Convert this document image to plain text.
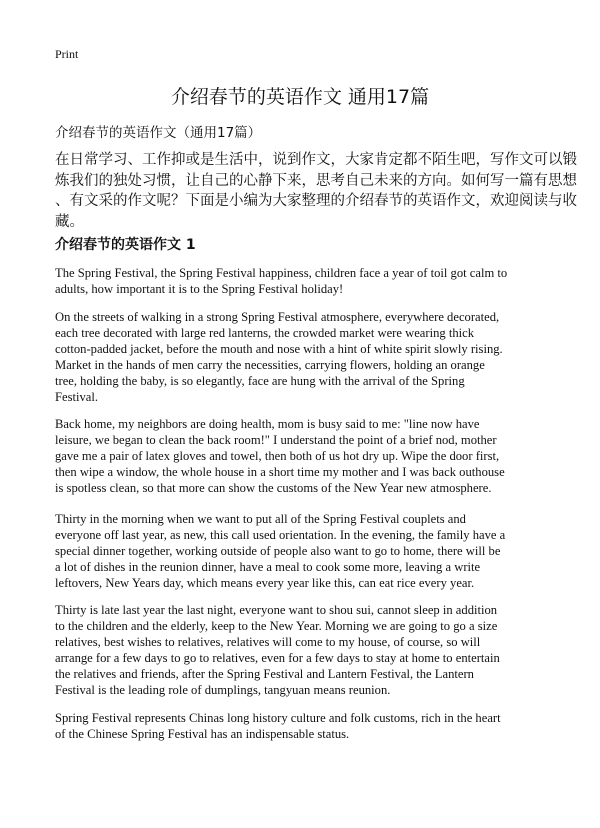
Print
介绍春节的英语作文 通用17篇
介绍春节的英语作文（通用17篇）
在日常学习、工作抑或是生活中，说到作文，大家肯定都不陌生吧，写作文可以锻
炼我们的独处习惯，让自己的心静下来，思考自己未来的方向。如何写一篇有思想
、有文采的作文呢？下面是小编为大家整理的介绍春节的英语作文，欢迎阅读与收
藏。
介绍春节的英语作文 1
The Spring Festival, the Spring Festival happiness, children face a year of toil got calm to
adults, how important it is to the Spring Festival holiday!
On the streets of walking in a strong Spring Festival atmosphere, everywhere decorated,
each tree decorated with large red lanterns, the crowded market were wearing thick
cotton-padded jacket, before the mouth and nose with a hint of white spirit slowly rising.
Market in the hands of men carry the necessities, carrying flowers, holding an orange
tree, holding the baby, is so elegantly, face are hung with the arrival of the Spring
Festival.
Back home, my neighbors are doing health, mom is busy said to me: "line now have
leisure, we began to clean the back room!" I understand the point of a brief nod, mother
gave me a pair of latex gloves and towel, then both of us hot dry up. Wipe the door first,
then wipe a window, the whole house in a short time my mother and I was back outhouse
is spotless clean, so that more can show the customs of the New Year new atmosphere.
Thirty in the morning when we want to put all of the Spring Festival couplets and
everyone off last year, as new, this call used orientation. In the evening, the family have a
special dinner together, working outside of people also want to go to home, there will be
a lot of dishes in the reunion dinner, have a meal to cook some more, leaving a write
leftovers, New Years day, which means every year like this, can eat rice every year.
Thirty is late last year the last night, everyone want to shou sui, cannot sleep in addition
to the children and the elderly, keep to the New Year. Morning we are going to go a size
relatives, best wishes to relatives, relatives will come to my house, of course, so will
arrange for a few days to go to relatives, even for a few days to stay at home to entertain
the relatives and friends, after the Spring Festival and Lantern Festival, the Lantern
Festival is the leading role of dumplings, tangyuan means reunion.
Spring Festival represents Chinas long history culture and folk customs, rich in the heart
of the Chinese Spring Festival has an indispensable status.
